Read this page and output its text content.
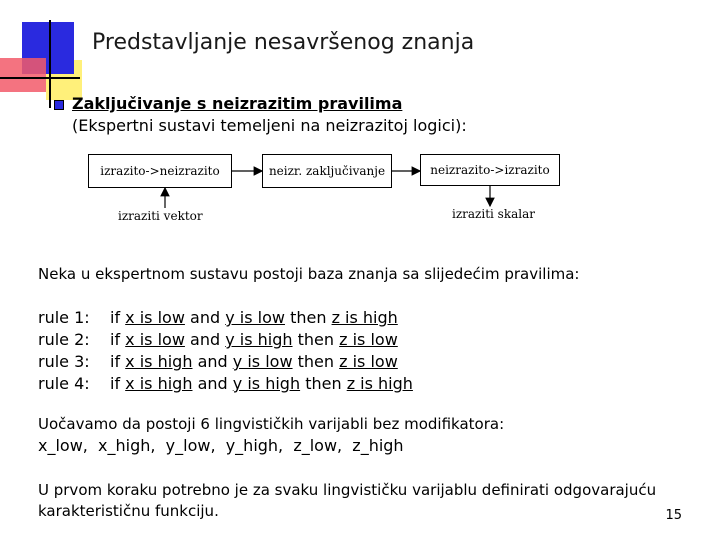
Predstavljanje nesavršenog znanja
Zaključivanje s neizrazitim pravilima
(Ekspertni sustavi temeljeni na neizrazitoj logici):
izrazito->neizrazito	neizr. zaključivanje	neizrazito->izrazito
izraziti vektor	izraziti skalar
Neka u ekspertnom sustavu postoji baza znanja sa slijedećim pravilima:
rule 1: if x is low and y is low then z is high
rule 2: if x is low and y is high then z is low
rule 3: if x is high and y is low then z is low
rule 4: if x is high and y is high then z is high
Uočavamo da postoji 6 lingvističkih varijabli bez modifikatora:
x_low,  x_high,  y_low,  y_high,  z_low,  z_high
U prvom koraku potrebno je za svaku lingvističku varijablu definirati odgovarajuću
karakterističnu funkciju.	15
